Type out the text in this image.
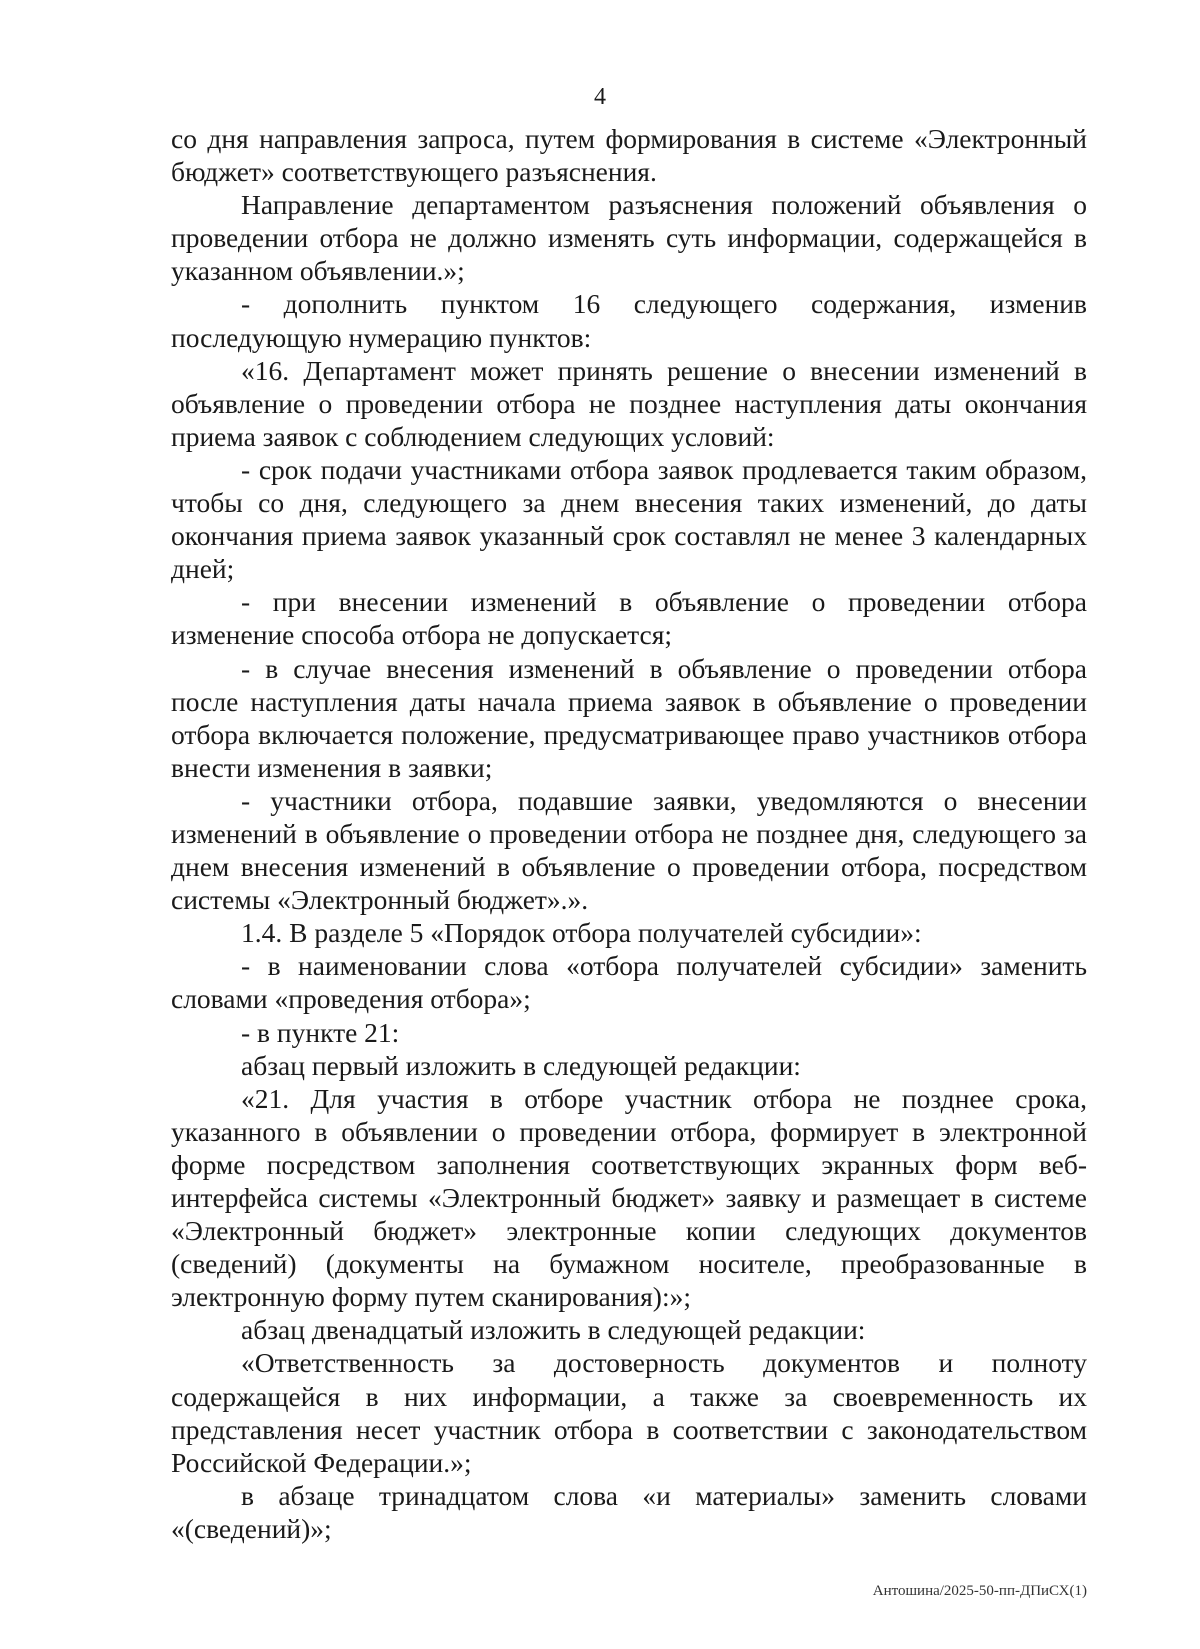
4

со дня направления запроса, путем формирования в системе «Электронный бюджет» соответствующего разъяснения.

Направление департаментом разъяснения положений объявления о проведении отбора не должно изменять суть информации, содержащейся в указанном объявлении.»;

- дополнить пунктом 16 следующего содержания, изменив последующую нумерацию пунктов:

«16. Департамент может принять решение о внесении изменений в объявление о проведении отбора не позднее наступления даты окончания приема заявок с соблюдением следующих условий:

- срок подачи участниками отбора заявок продлевается таким образом, чтобы со дня, следующего за днем внесения таких изменений, до даты окончания приема заявок указанный срок составлял не менее 3 календарных дней;

- при внесении изменений в объявление о проведении отбора изменение способа отбора не допускается;

- в случае внесения изменений в объявление о проведении отбора после наступления даты начала приема заявок в объявление о проведении отбора включается положение, предусматривающее право участников отбора внести изменения в заявки;

- участники отбора, подавшие заявки, уведомляются о внесении изменений в объявление о проведении отбора не позднее дня, следующего за днем внесения изменений в объявление о проведении отбора, посредством системы «Электронный бюджет».».

1.4. В разделе 5 «Порядок отбора получателей субсидии»:

- в наименовании слова «отбора получателей субсидии» заменить словами «проведения отбора»;

- в пункте 21:

абзац первый изложить в следующей редакции:

«21. Для участия в отборе участник отбора не позднее срока, указанного в объявлении о проведении отбора, формирует в электронной форме посредством заполнения соответствующих экранных форм веб-интерфейса системы «Электронный бюджет» заявку и размещает в системе «Электронный бюджет» электронные копии следующих документов (сведений) (документы на бумажном носителе, преобразованные в электронную форму путем сканирования):»;

абзац двенадцатый изложить в следующей редакции:

«Ответственность за достоверность документов и полноту содержащейся в них информации, а также за своевременность их представления несет участник отбора в соответствии с законодательством Российской Федерации.»;

в абзаце тринадцатом слова «и материалы» заменить словами «(сведений)»;

Антошина/2025-50-пп-ДПиСХ(1)
